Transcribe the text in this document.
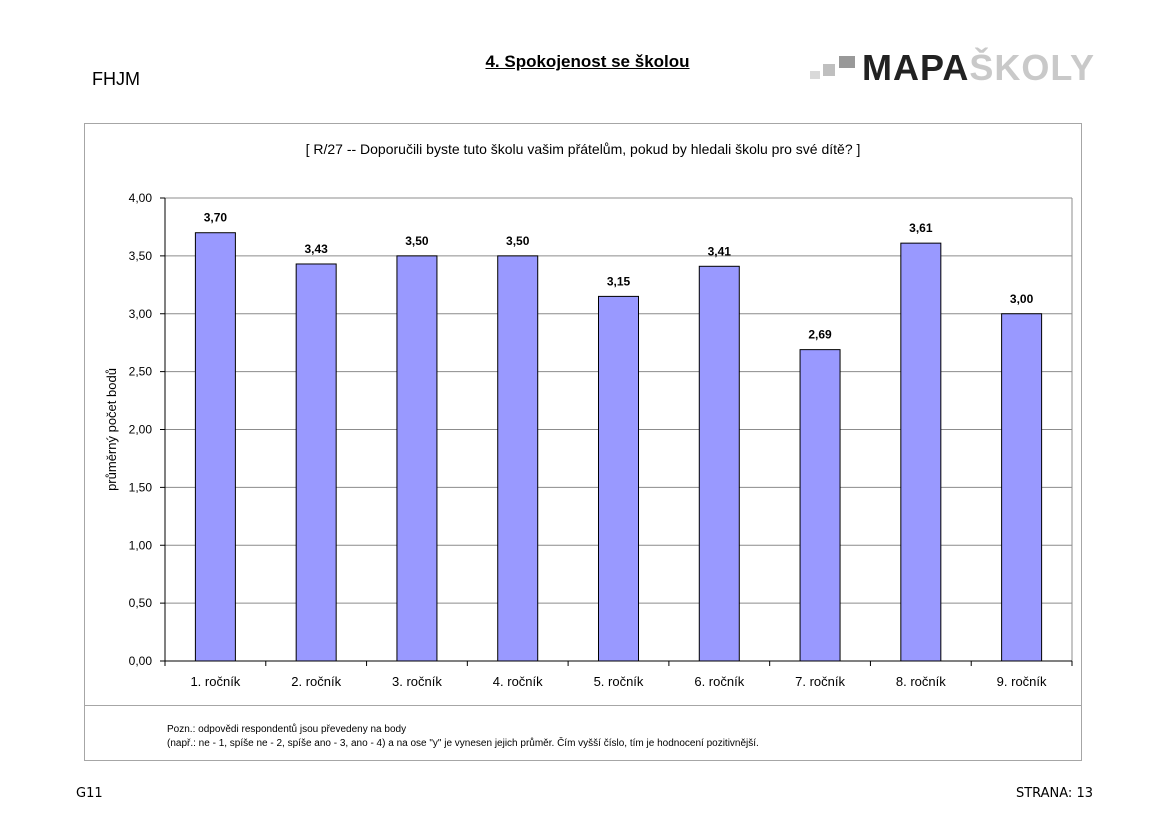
FHJM
4. Spokojenost se školou	MAPAŠKOLY
[ R/27 -- Doporučili byste tuto školu vašim přátelům, pokud by hledali školu pro své dítě? ]
0,00
0,50
1,00
1,50
2,00
2,50
3,00
3,50
4,00
3,70
1. ročník
3,43
2. ročník
3,50
3. ročník
3,50
4. ročník
3,15
5. ročník
3,41
6. ročník
2,69
7. ročník
3,61
8. ročník
3,00
9. ročník
průměrný počet bodů
Pozn.: odpovědi respondentů jsou převedeny na body
(např.: ne - 1, spíše ne - 2, spíše ano - 3, ano - 4) a na ose "y" je vynesen jejich průměr. Čím vyšší číslo, tím je hodnocení pozitivnější.
G11	STRANA: 13
